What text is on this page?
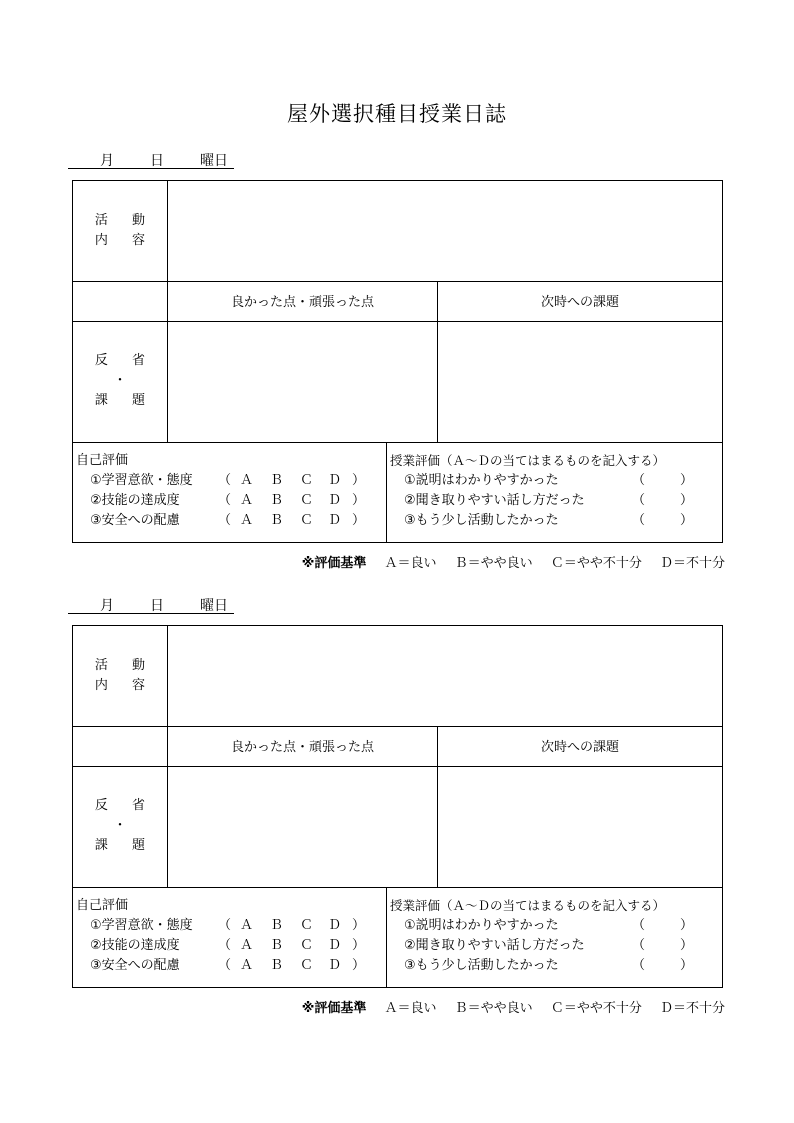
屋外選択種目授業日誌
月	日	曜日
活 動
内 容
良かった点・頑張った点	次時への課題
反 省
・
課 題
自己評価
①学習意欲・態度 （ Ａ Ｂ Ｃ Ｄ ）
②技能の達成度	（ Ａ Ｂ Ｃ Ｄ ）
③安全への配慮	（ Ａ Ｂ Ｃ Ｄ ）
授業評価（Ａ～Ｄの当てはまるものを記入する）
①説明はわかりやすかった	（	）
②聞き取りやすい話し方だった	（	）
③もう少し活動したかった	（	）
※評価基準 Ａ＝良い Ｂ＝やや良い Ｃ＝やや不十分 Ｄ＝不十分
月	日	曜日
活 動
内 容
良かった点・頑張った点	次時への課題
反 省
・
課 題
自己評価
①学習意欲・態度 （ Ａ Ｂ Ｃ Ｄ ）
②技能の達成度	（ Ａ Ｂ Ｃ Ｄ ）
③安全への配慮	（ Ａ Ｂ Ｃ Ｄ ）
授業評価（Ａ～Ｄの当てはまるものを記入する）
①説明はわかりやすかった	（	）
②聞き取りやすい話し方だった	（	）
③もう少し活動したかった	（	）
※評価基準 Ａ＝良い Ｂ＝やや良い Ｃ＝やや不十分 Ｄ＝不十分
